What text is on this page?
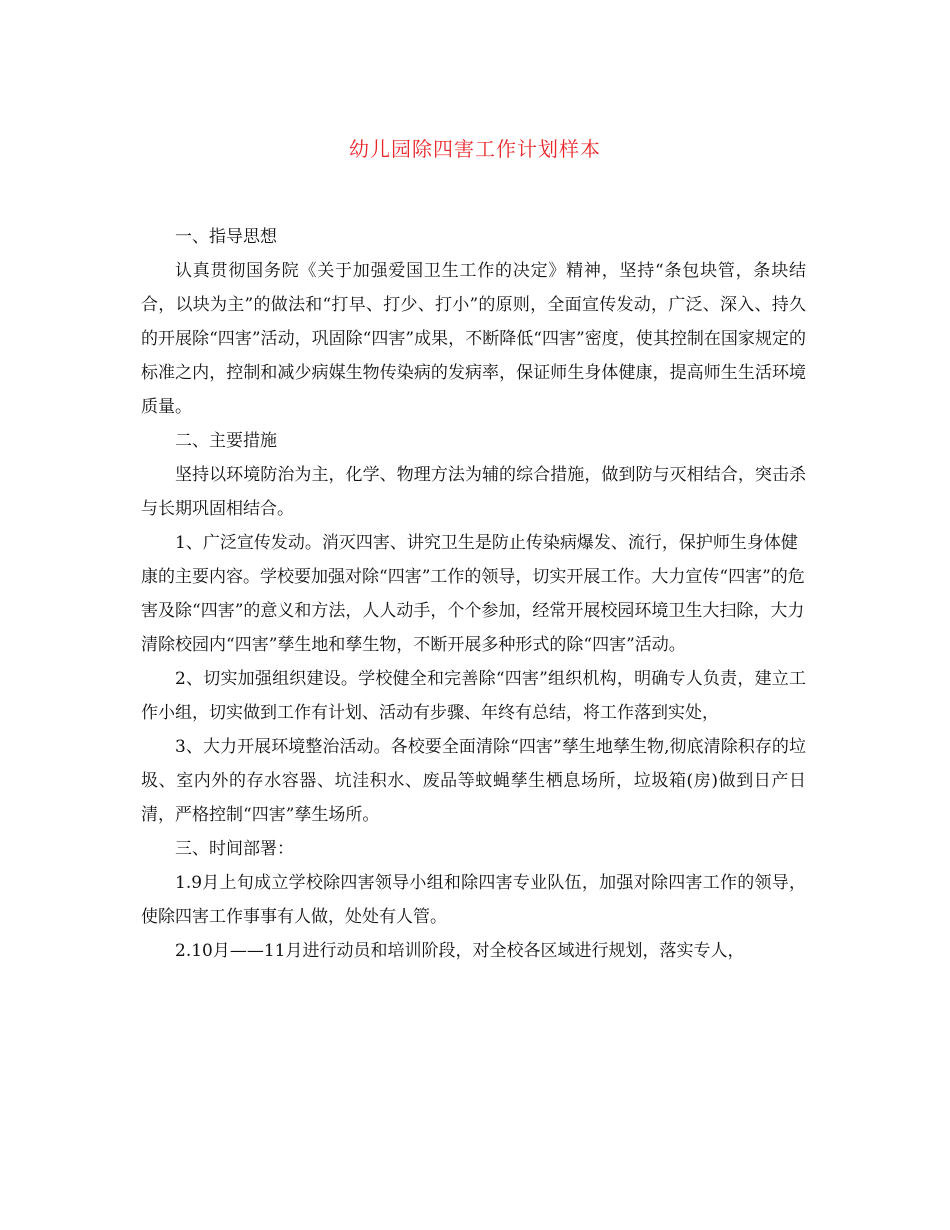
幼儿园除四害工作计划样本

一、指导思想

认真贯彻国务院《关于加强爱国卫生工作的决定》精神，坚持“条包块管，条块结合，以块为主”的做法和“打早、打少、打小”的原则，全面宣传发动，广泛、深入、持久的开展除“四害”活动，巩固除“四害”成果，不断降低“四害”密度，使其控制在国家规定的标准之内，控制和减少病媒生物传染病的发病率，保证师生身体健康，提高师生生活环境质量。

二、主要措施

坚持以环境防治为主，化学、物理方法为辅的综合措施，做到防与灭相结合，突击杀与长期巩固相结合。

1、广泛宣传发动。消灭四害、讲究卫生是防止传染病爆发、流行，保护师生身体健康的主要内容。学校要加强对除“四害”工作的领导，切实开展工作。大力宣传“四害”的危害及除“四害”的意义和方法，人人动手，个个参加，经常开展校园环境卫生大扫除，大力清除校园内“四害”孳生地和孳生物，不断开展多种形式的除“四害”活动。

2、切实加强组织建设。学校健全和完善除“四害”组织机构，明确专人负责，建立工作小组，切实做到工作有计划、活动有步骤、年终有总结，将工作落到实处，

3、大力开展环境整治活动。各校要全面清除“四害”孳生地孳生物,彻底清除积存的垃圾、室内外的存水容器、坑洼积水、废品等蚊蝇孳生栖息场所，垃圾箱(房)做到日产日清，严格控制“四害”孳生场所。

三、时间部署：

1.9月上旬成立学校除四害领导小组和除四害专业队伍，加强对除四害工作的领导，使除四害工作事事有人做，处处有人管。

2.10月——11月进行动员和培训阶段，对全校各区域进行规划，落实专人，
